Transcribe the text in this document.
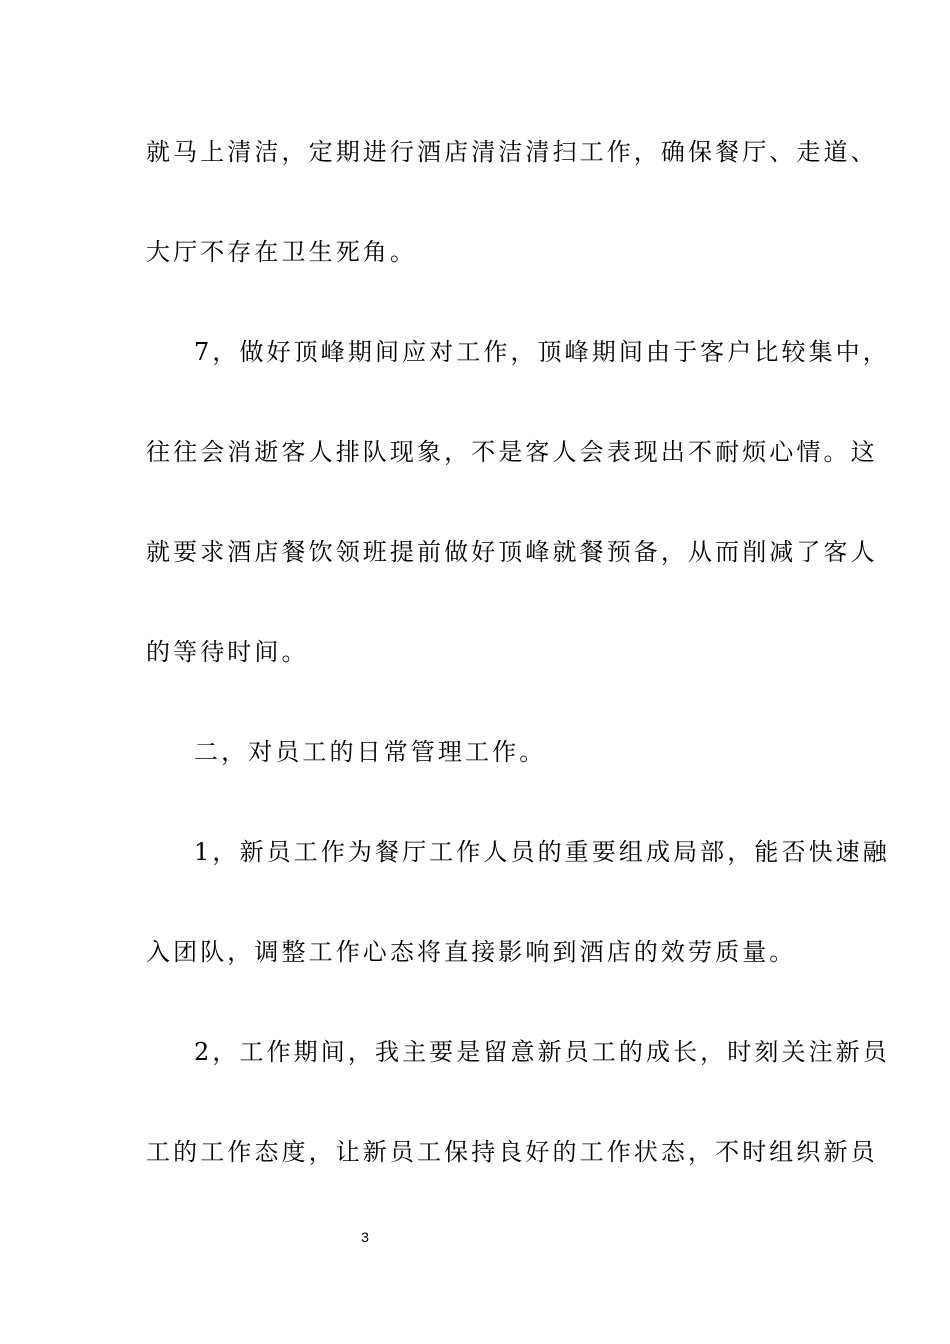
就马上清洁，定期进行酒店清洁清扫工作，确保餐厅、走道、
大厅不存在卫生死角。
7，做好顶峰期间应对工作，顶峰期间由于客户比较集中，
往往会消逝客人排队现象，不是客人会表现出不耐烦心情。这
就要求酒店餐饮领班提前做好顶峰就餐预备，从而削减了客人
的等待时间。
二，对员工的日常管理工作。
1，新员工作为餐厅工作人员的重要组成局部，能否快速融
入团队，调整工作心态将直接影响到酒店的效劳质量。
2，工作期间，我主要是留意新员工的成长，时刻关注新员
工的工作态度，让新员工保持良好的工作状态，不时组织新员
3
